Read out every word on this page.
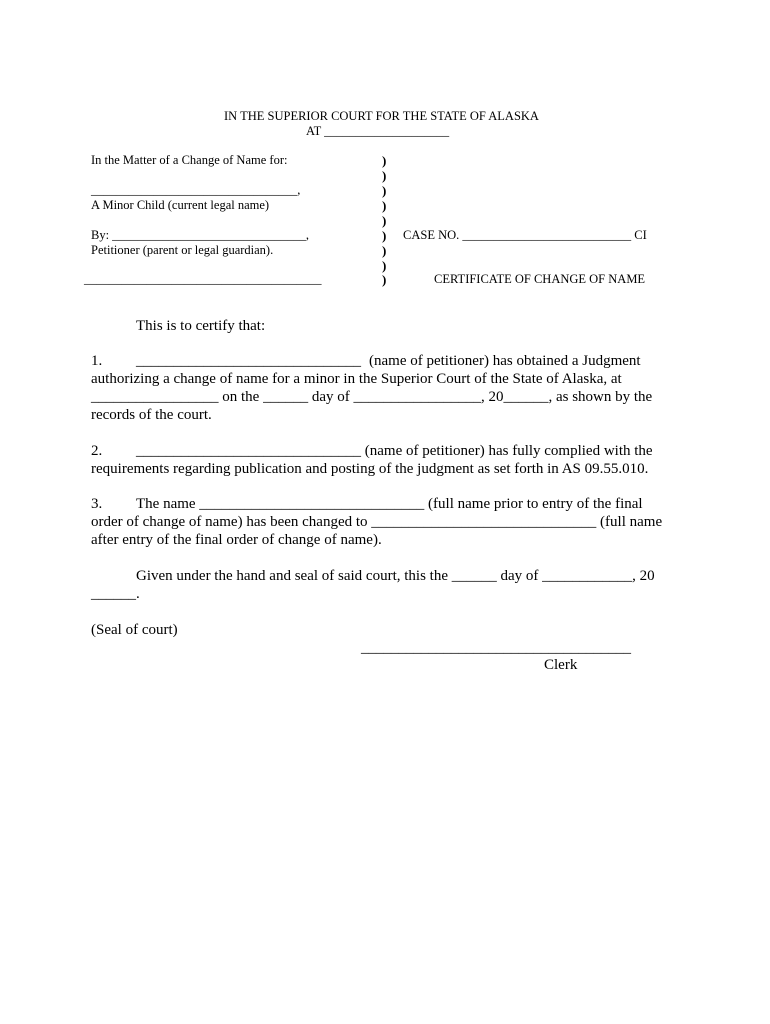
IN THE SUPERIOR COURT FOR THE STATE OF ALASKA
AT ____________________
In the Matter of a Change of Name for:
_________________________________,
A Minor Child (current legal name)
By: _______________________________,
Petitioner (parent or legal guardian).
______________________________________
)
)
)
)
)
)
)
)
)
CASE NO. ___________________________ CI
CERTIFICATE OF CHANGE OF NAME
This is to certify that:
1. ______________________________ (name of petitioner) has obtained a Judgment
authorizing a change of name for a minor in the Superior Court of the State of Alaska, at
_________________ on the ______ day of _________________, 20______, as shown by the
records of the court.
2. ______________________________ (name of petitioner) has fully complied with the
requirements regarding publication and posting of the judgment as set forth in AS 09.55.010.
3. The name ______________________________ (full name prior to entry of the final
order of change of name) has been changed to ______________________________ (full name
after entry of the final order of change of name).
Given under the hand and seal of said court, this the ______ day of ____________, 20
______.
(Seal of court)
____________________________________
Clerk
